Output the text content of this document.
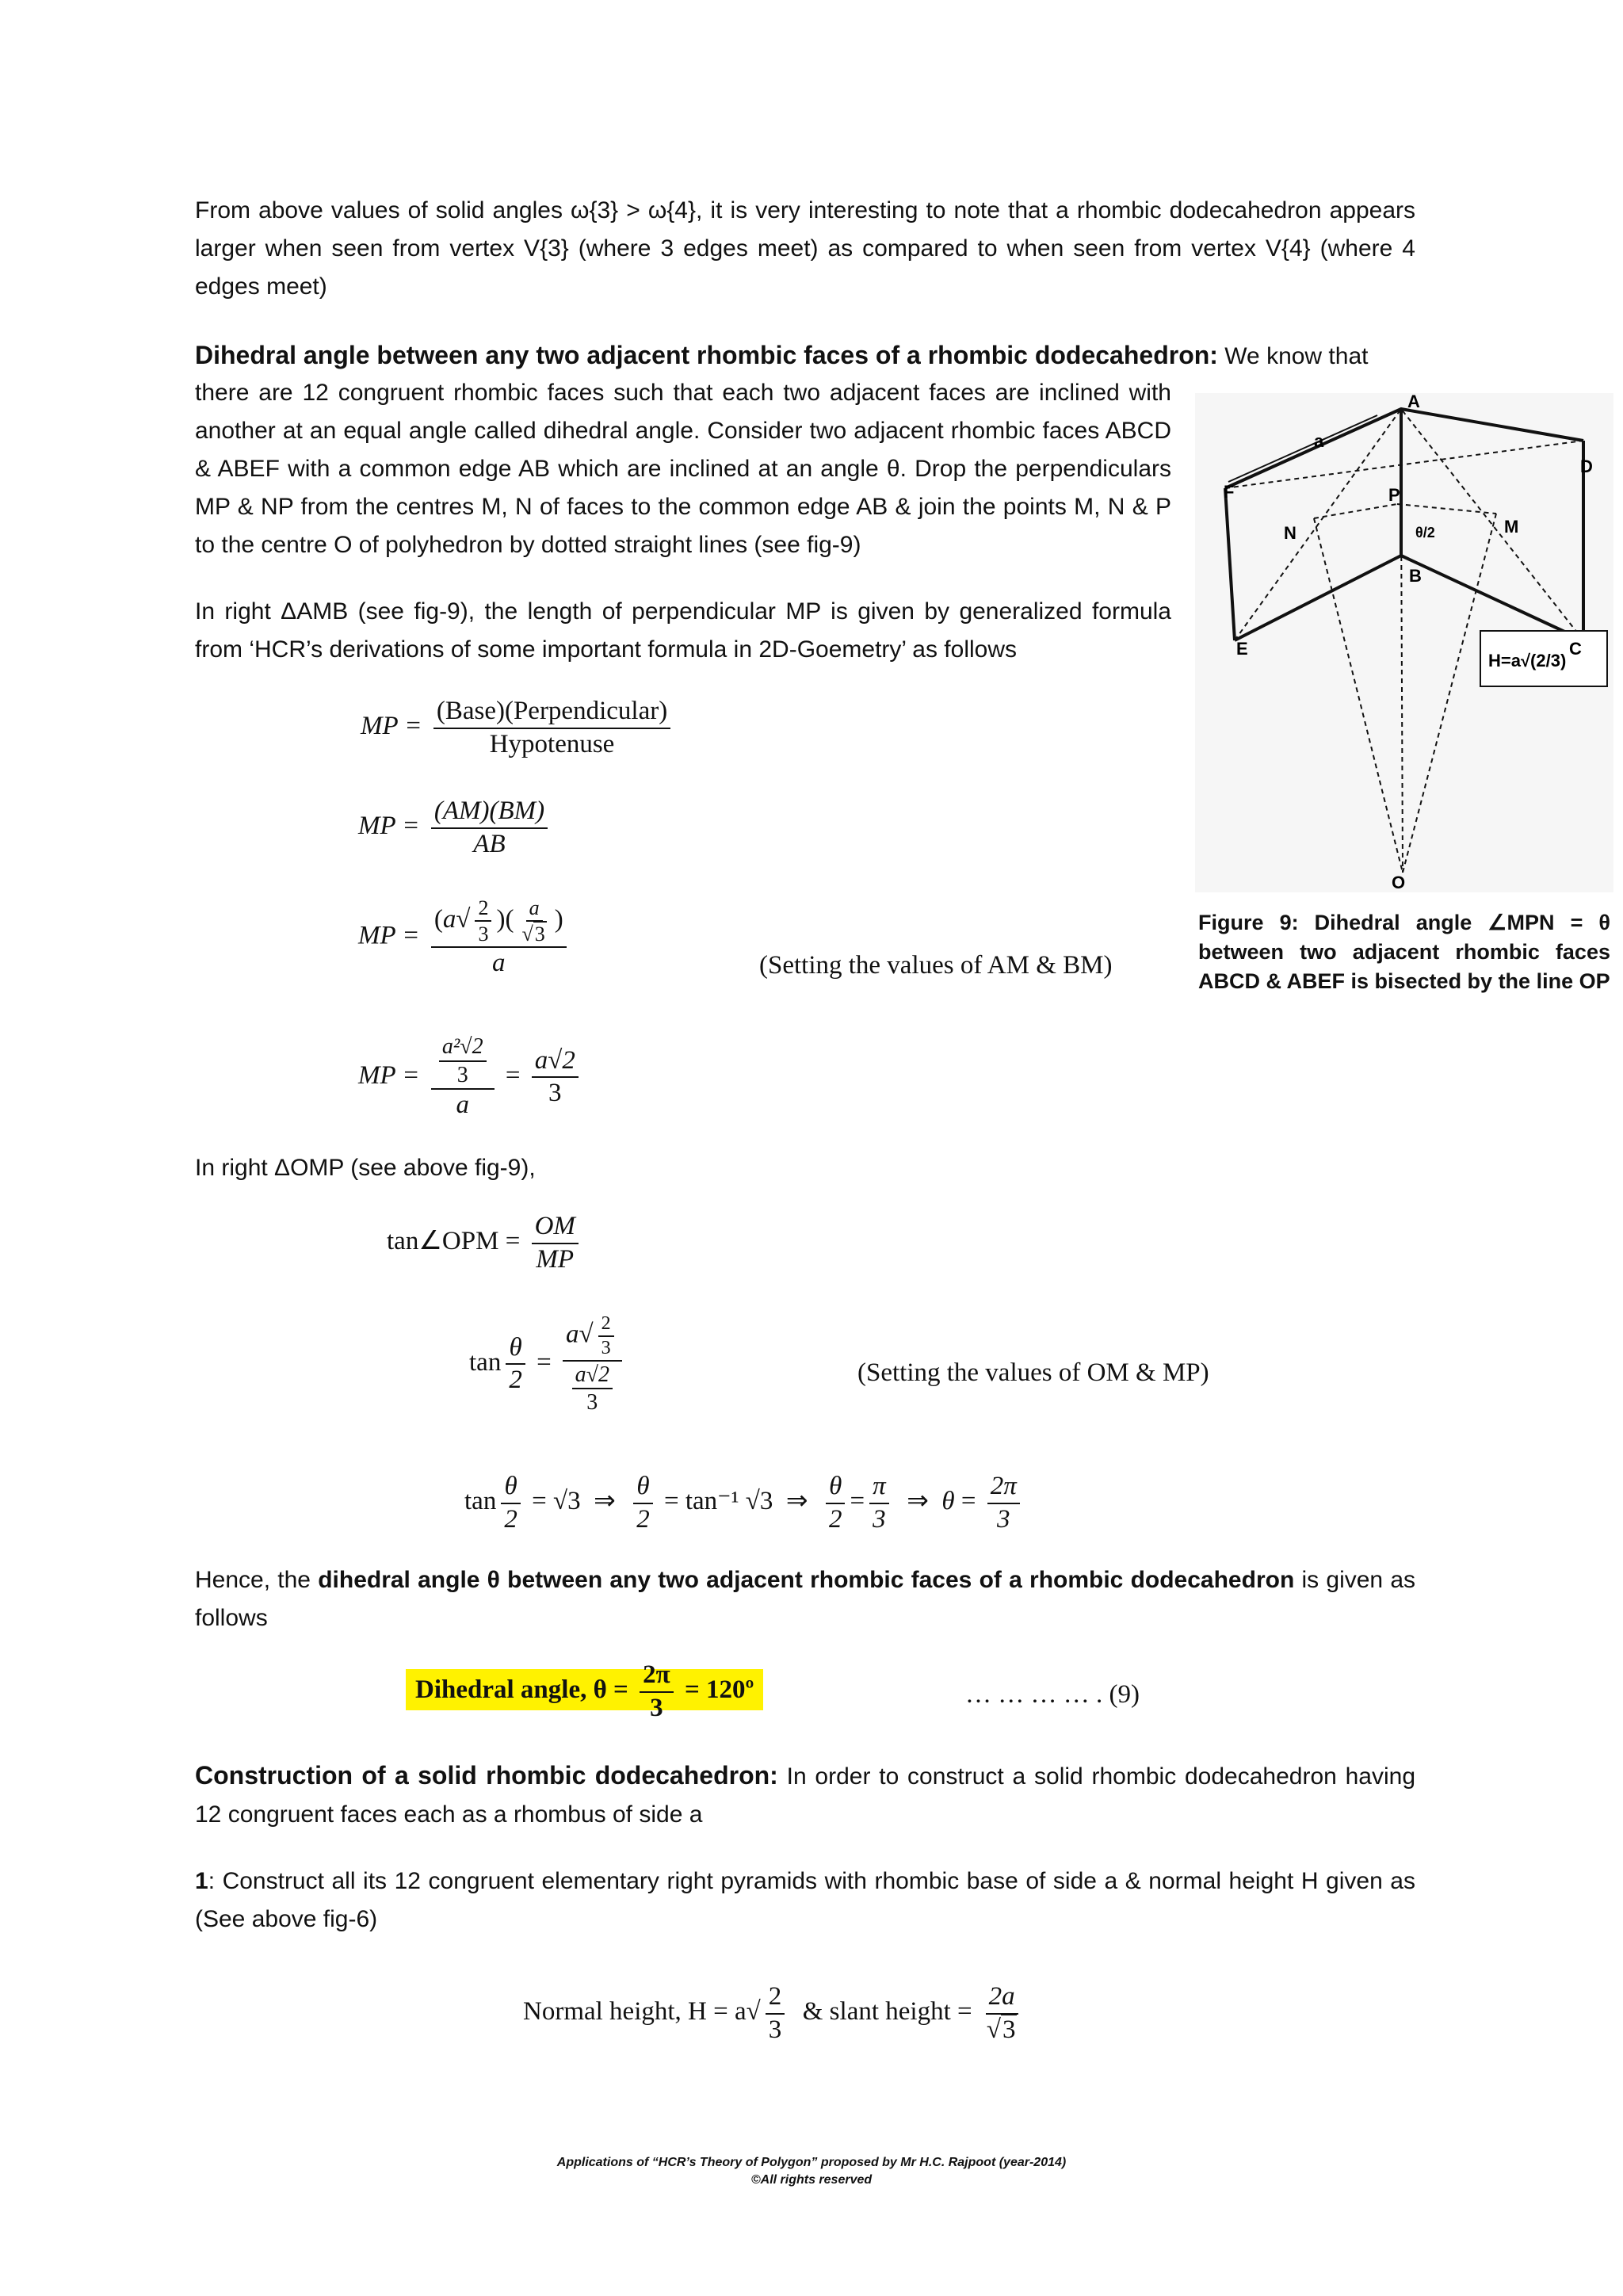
From above values of solid angles ω{3} > ω{4}, it is very interesting to note that a rhombic dodecahedron appears larger when seen from vertex V{3} (where 3 edges meet) as compared to when seen from vertex V{4} (where 4 edges meet)
Dihedral angle between any two adjacent rhombic faces of a rhombic dodecahedron: We know that
there are 12 congruent rhombic faces such that each two adjacent faces are inclined with another at an equal angle called dihedral angle. Consider two adjacent rhombic faces ABCD & ABEF with a common edge AB which are inclined at an angle θ. Drop the perpendiculars MP & NP from the centres M, N of faces to the common edge AB & join the points M, N & P to the centre O of polyhedron by dotted straight lines (see fig-9)
In right ΔAMB (see fig-9), the length of perpendicular MP is given by generalized formula from ‘HCR’s derivations of some important formula in 2D-Goemetry’ as follows
F
A
D
B
E	C
N	M
P
θ/2
O
a
H=a√(2/3)
Figure 9: Dihedral angle ∠MPN = θ between two adjacent rhombic faces ABCD & ABEF is bisected by the line OP
MP = $\frac{\text{(Base)(Perpendicular)}}{\text{Hypotenuse}}$
MP = $\frac{(AM)(BM)}{AB}$
MP = $\frac{(a√ \frac{2}{3} )( \frac{a}{√3} )}{a}$	(Setting the values of AM & BM)
MP = $\frac{\frac{\text{a²√2}}{3}}{a} = \frac{a√2}{3}$
In right ΔOMP (see above fig-9),
tan∠OPM = $\frac{OM}{MP}$
$\tan \frac{\theta}{2} = \frac{a√ \frac{2}{3}}{\frac{a√2}{3}}$	(Setting the values of OM & MP)
$\tan \frac{\theta}{2} = √3$  ⇒ $\frac{\theta}{2} = \tan^{-1}$ √3  ⇒ $\frac{\theta}{2} = \frac{\pi}{3}$ ⇒  $\theta = \frac{2\pi}{3}$
Hence, the dihedral angle θ between any two adjacent rhombic faces of a rhombic dodecahedron is given as follows
Dihedral angle, $\theta = \frac{2\pi}{3}$ = 120º	… … … … . (9)
Construction of a solid rhombic dodecahedron: In order to construct a solid rhombic dodecahedron having 12 congruent faces each as a rhombus of side a
1: Construct all its 12 congruent elementary right pyramids with rhombic base of side a & normal height H given as (See above fig-6)
Normal height, $H = a√ \frac{2}{3}$ & slant height = $\frac{2a}{√3}$
Applications of “HCR’s Theory of Polygon” proposed by Mr H.C. Rajpoot (year-2014)
©All rights reserved
